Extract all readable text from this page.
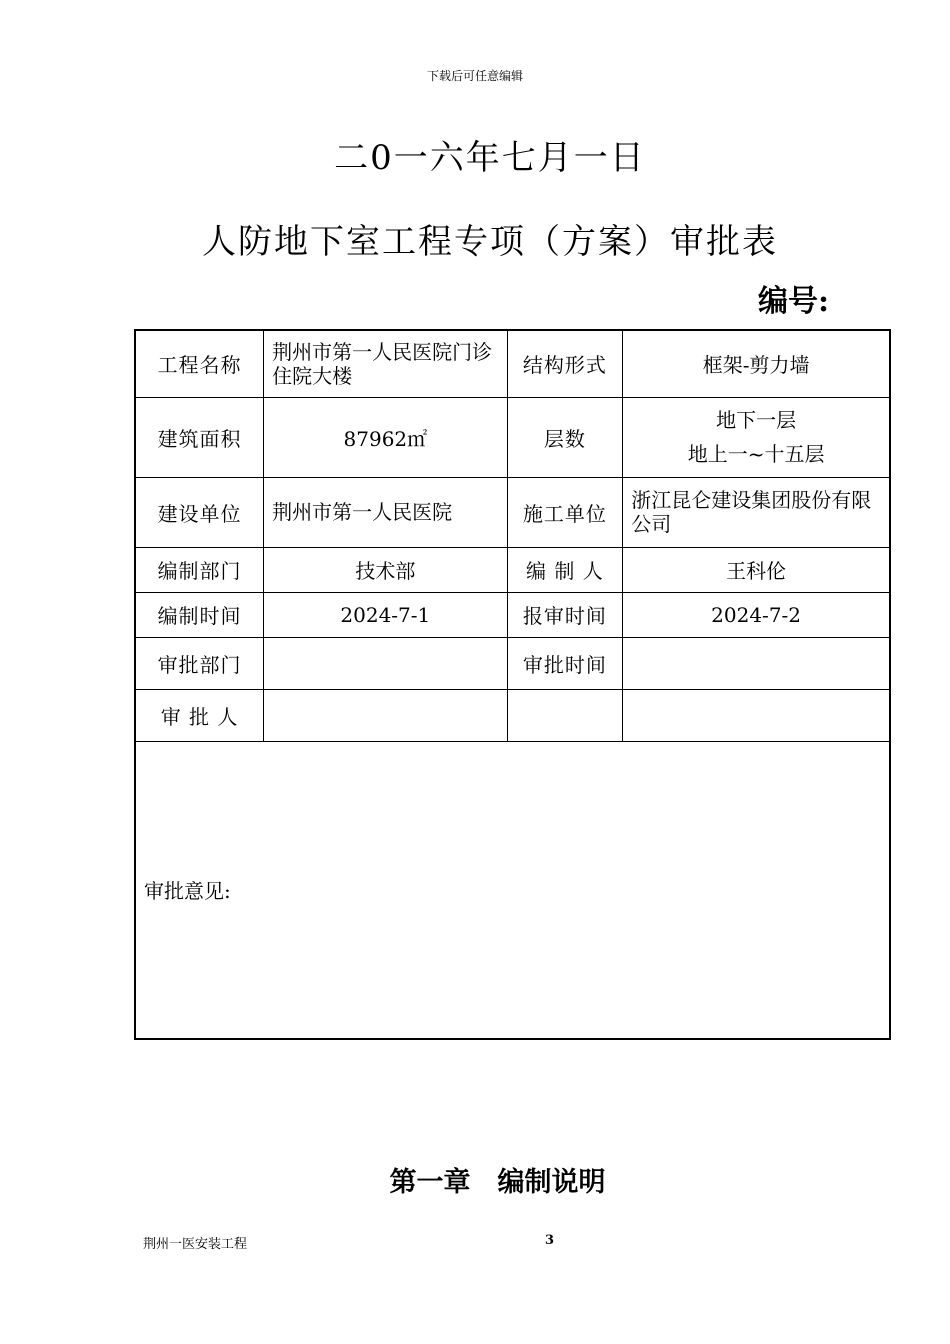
下载后可任意编辑
二0一六年七月一日
人防地下室工程专项（方案）审批表
编号:
工程名称	荆州市第一人民医院门诊住院大楼	结构形式	框架-剪力墙
建筑面积	87962㎡	层数	地下一层
地上一~十五层

建设单位	荆州市第一人民医院	施工单位	浙江昆仑建设集团股份有限公司
编制部门	技术部	编 制 人	王科伦
编制时间	2024-7-1	报审时间	2024-7-2
审批部门		审批时间	
审 批 人			

审批意见:			
第一章　编制说明
荆州一医安装工程	3
